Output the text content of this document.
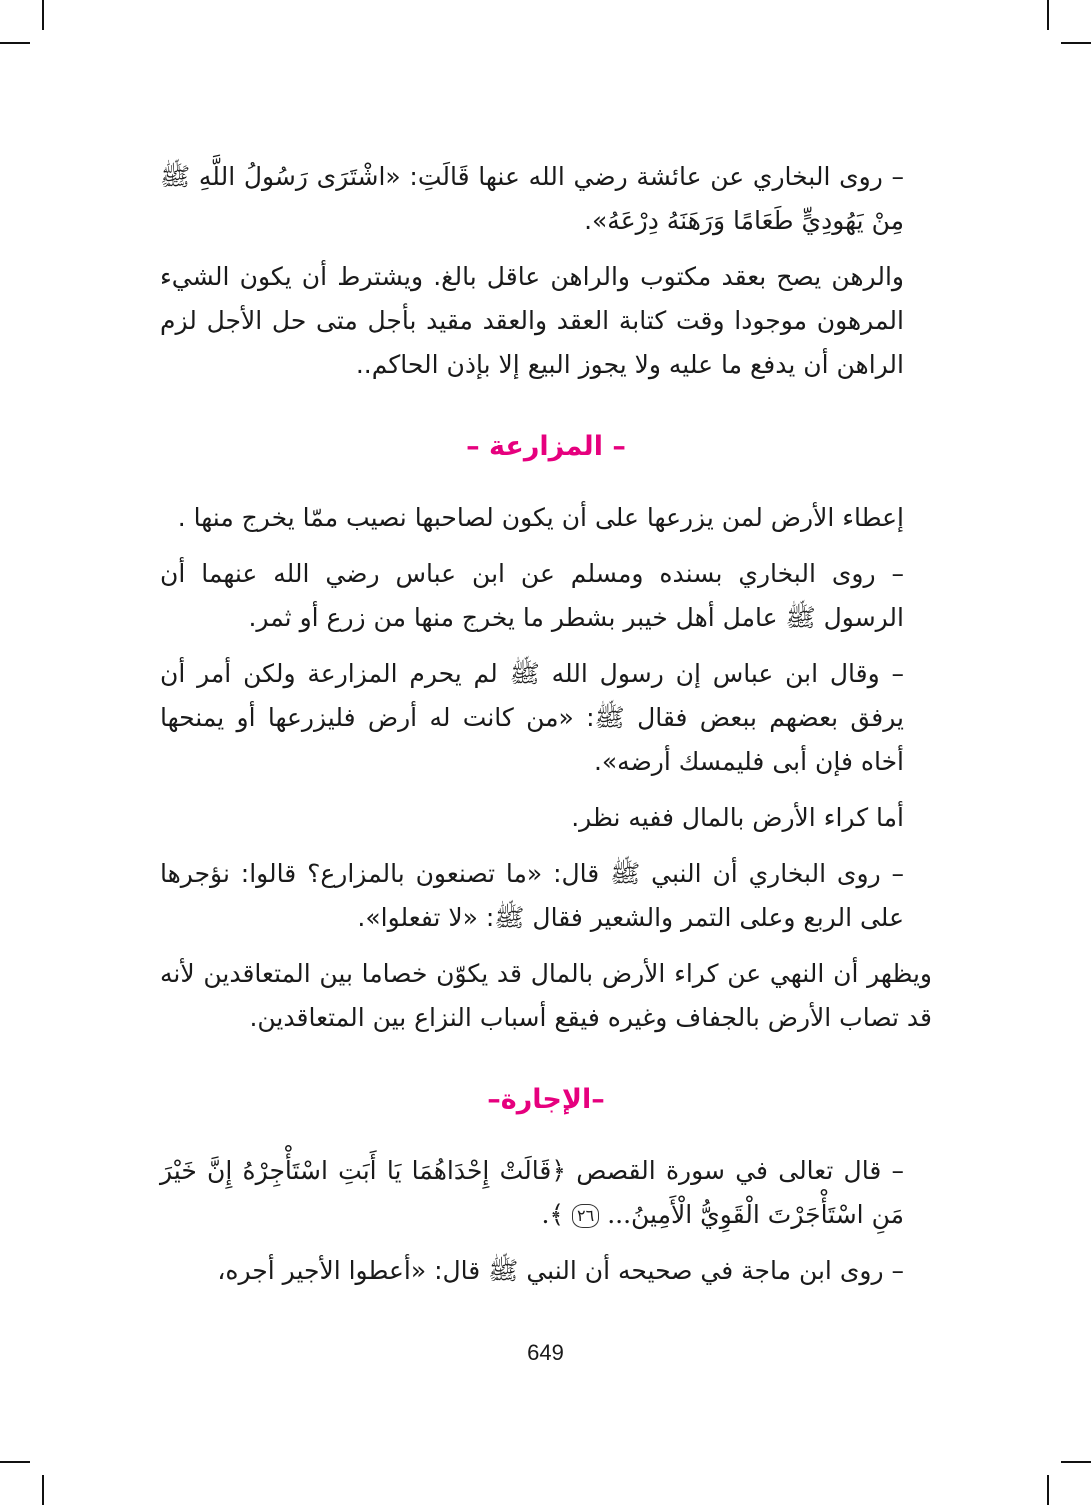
– روى البخاري عن عائشة رضي الله عنها قَالَتِ: «اشْتَرَى رَسُولُ اللَّهِ ﷺ مِنْ يَهُودِيٍّ طَعَامًا وَرَهَنَهُ دِرْعَهُ».

والرهن يصح بعقد مكتوب والراهن عاقل بالغ. ويشترط أن يكون الشيء المرهون موجودا وقت كتابة العقد والعقد مقيد بأجل متى حل الأجل لزم الراهن أن يدفع ما عليه ولا يجوز البيع إلا بإذن الحاكم..

– المزارعة –

إعطاء الأرض لمن يزرعها على أن يكون لصاحبها نصيب ممّا يخرج منها .

– روى البخاري بسنده ومسلم عن ابن عباس رضي الله عنهما أن الرسول ﷺ عامل أهل خيبر بشطر ما يخرج منها من زرع أو ثمر.

– وقال ابن عباس إن رسول الله ﷺ لم يحرم المزارعة ولكن أمر أن يرفق بعضهم ببعض فقال ﷺ: «من كانت له أرض فليزرعها أو يمنحها أخاه فإن أبى فليمسك أرضه».

أما كراء الأرض بالمال ففيه نظر.

– روى البخاري أن النبي ﷺ قال: «ما تصنعون بالمزارع؟ قالوا: نؤجرها على الربع وعلى التمر والشعير فقال ﷺ: «لا تفعلوا».

ويظهر أن النهي عن كراء الأرض بالمال قد يكوّن خصاما بين المتعاقدين لأنه قد تصاب الأرض بالجفاف وغيره فيقع أسباب النزاع بين المتعاقدين.

–الإجارة–

– قال تعالى في سورة القصص ﴿قَالَتْ إِحْدَاهُمَا يَا أَبَتِ اسْتَأْجِرْهُ إِنَّ خَيْرَ مَنِ اسْتَأْجَرْتَ الْقَوِيُّ الْأَمِينُ... ٢٦ ﴾.

– روى ابن ماجة في صحيحه أن النبي ﷺ قال: «أعطوا الأجير أجره،

649
